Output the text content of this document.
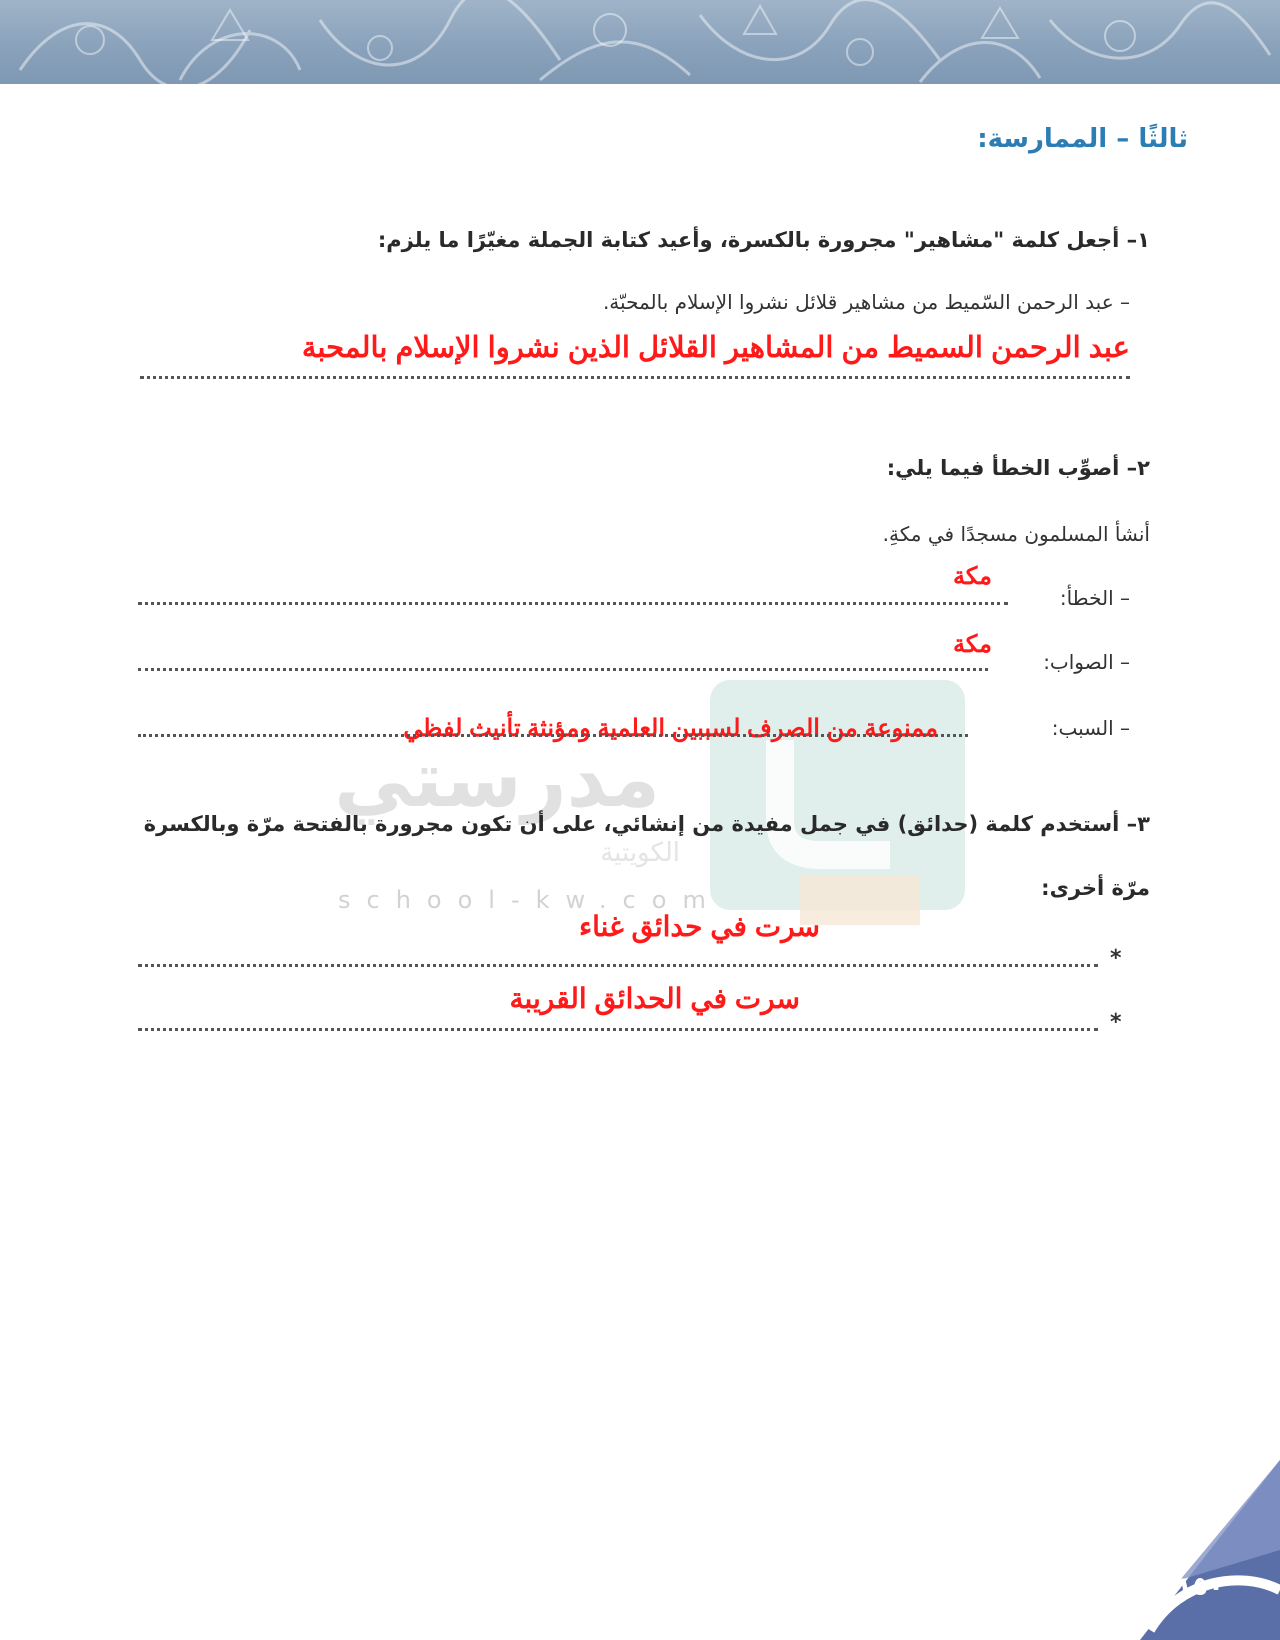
ثالثًا – الممارسة:
١– أجعل كلمة "مشاهير" مجرورة بالكسرة، وأعيد كتابة الجملة مغيّرًا ما يلزم:
– عبد الرحمن السّميط من مشاهير قلائل نشروا الإسلام بالمحبّة.
عبد الرحمن السميط من المشاهير القلائل الذين نشروا الإسلام بالمحبة
مدرستي
الكويتية
school-kw.com
٢– أصوِّب الخطأ فيما يلي:
أنشأ المسلمون مسجدًا في مكةِ.
– الخطأ:
مكة
– الصواب:
مكة
– السبب:
ممنوعة من الصرف لسببين العلمية ومؤنثة تأنيث لفظي
٣– أستخدم كلمة (حدائق) في جمل مفيدة من إنشائي، على أن تكون مجرورة بالفتحة مرّة وبالكسرة
مرّة أخرى:
سرت في حدائق غناء
*
سرت في الحدائق القريبة
*
١٥٠
